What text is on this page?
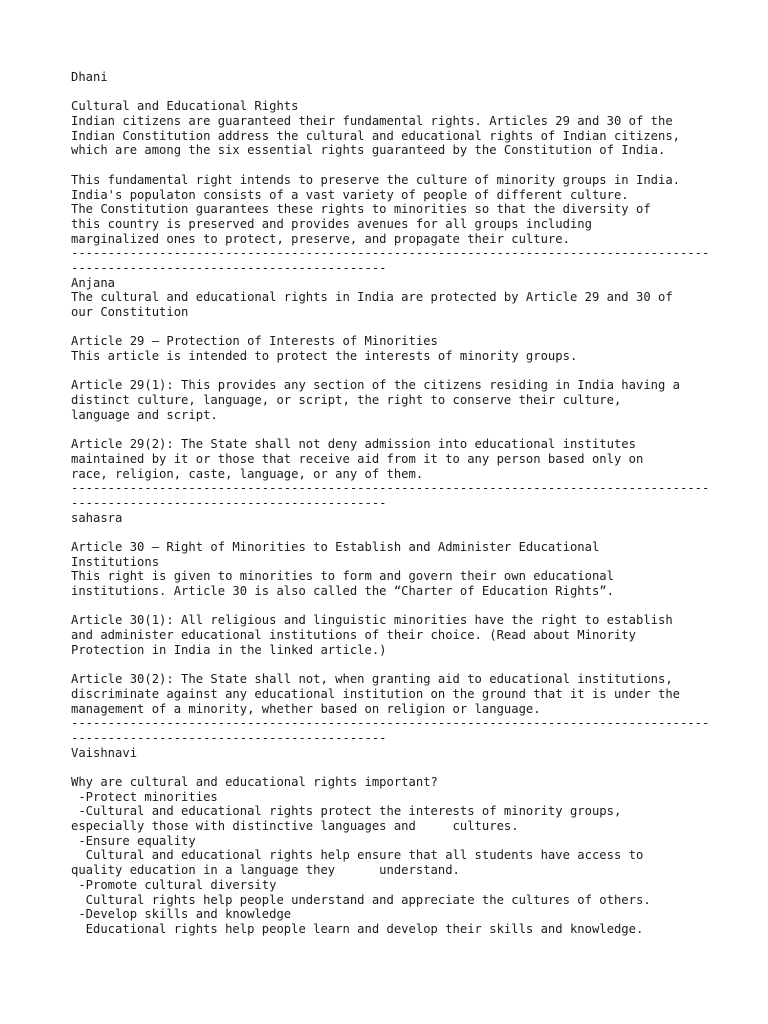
Dhani
Cultural and Educational Rights
Indian citizens are guaranteed their fundamental rights. Articles 29 and 30 of the
Indian Constitution address the cultural and educational rights of Indian citizens,
which are among the six essential rights guaranteed by the Constitution of India.
This fundamental right intends to preserve the culture of minority groups in India.
India's populaton consists of a vast variety of people of different culture.
The Constitution guarantees these rights to minorities so that the diversity of
this country is preserved and provides avenues for all groups including
marginalized ones to protect, preserve, and propagate their culture.
---------------------------------------------------------------------------------------
-------------------------------------------
Anjana
The cultural and educational rights in India are protected by Article 29 and 30 of
our Constitution
Article 29 – Protection of Interests of Minorities
This article is intended to protect the interests of minority groups.
Article 29(1): This provides any section of the citizens residing in India having a
distinct culture, language, or script, the right to conserve their culture,
language and script.
Article 29(2): The State shall not deny admission into educational institutes
maintained by it or those that receive aid from it to any person based only on
race, religion, caste, language, or any of them.
---------------------------------------------------------------------------------------
-------------------------------------------
sahasra
Article 30 – Right of Minorities to Establish and Administer Educational
Institutions
This right is given to minorities to form and govern their own educational
institutions. Article 30 is also called the “Charter of Education Rights”.
Article 30(1): All religious and linguistic minorities have the right to establish
and administer educational institutions of their choice. (Read about Minority
Protection in India in the linked article.)
Article 30(2): The State shall not, when granting aid to educational institutions,
discriminate against any educational institution on the ground that it is under the
management of a minority, whether based on religion or language.
---------------------------------------------------------------------------------------
-------------------------------------------
Vaishnavi
Why are cultural and educational rights important?
-Protect minorities
-Cultural and educational rights protect the interests of minority groups,
especially those with distinctive languages and     cultures.
-Ensure equality
Cultural and educational rights help ensure that all students have access to
quality education in a language they      understand.
-Promote cultural diversity
Cultural rights help people understand and appreciate the cultures of others.
-Develop skills and knowledge
Educational rights help people learn and develop their skills and knowledge.
